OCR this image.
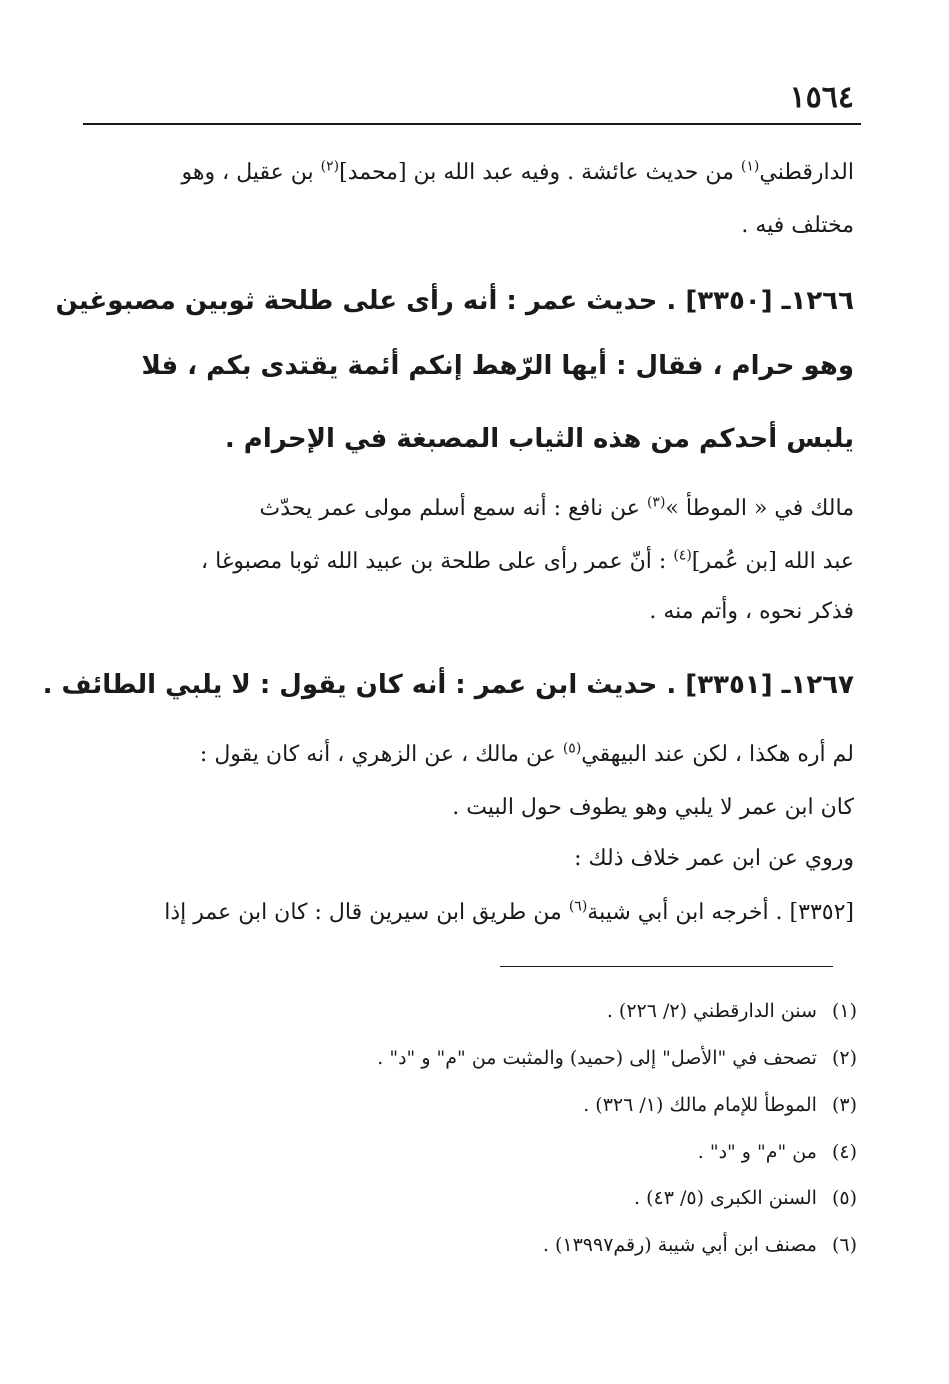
١٥٦٤
الدارقطني$^{(١)}$ من حديث عائشة . وفيه عبد الله بن [محمد]$^{(٢)}$ بن عقيل ، وهو
مختلف فيه .
١٢٦٦ـ [٣٣٥٠] . حديث عمر : أنه رأى على طلحة ثوبين مصبوغين
وهو حرام ، فقال : أيها الرّهط إنكم أئمة يقتدى بكم ، فلا
يلبس أحدكم من هذه الثياب المصبغة في الإحرام .
مالك في « الموطأ »$^{(٣)}$ عن نافع : أنه سمع أسلم مولى عمر يحدّث
عبد الله [بن عُمر]$^{(٤)}$ : أنّ عمر رأى على طلحة بن عبيد الله ثوبا مصبوغا ،
فذكر نحوه ، وأتم منه .
١٢٦٧ـ [٣٣٥١] . حديث ابن عمر : أنه كان يقول : لا يلبي الطائف .
لم أره هكذا ، لكن عند البيهقي$^{(٥)}$ عن مالك ، عن الزهري ، أنه كان يقول :
كان ابن عمر لا يلبي وهو يطوف حول البيت .
وروي عن ابن عمر خلاف ذلك :
[٣٣٥٢] . أخرجه ابن أبي شيبة$^{(٦)}$ من طريق ابن سيرين قال : كان ابن عمر إذا
(١) سنن الدارقطني (٢/ ٢٢٦) .
(٢) تصحف في "الأصل" إلى (حميد) والمثبت من "م" و "د" .
(٣) الموطأ للإمام مالك (١/ ٣٢٦) .
(٤) من "م" و "د" .
(٥) السنن الكبرى (٥/ ٤٣) .
(٦) مصنف ابن أبي شيبة (رقم١٣٩٩٧) .
